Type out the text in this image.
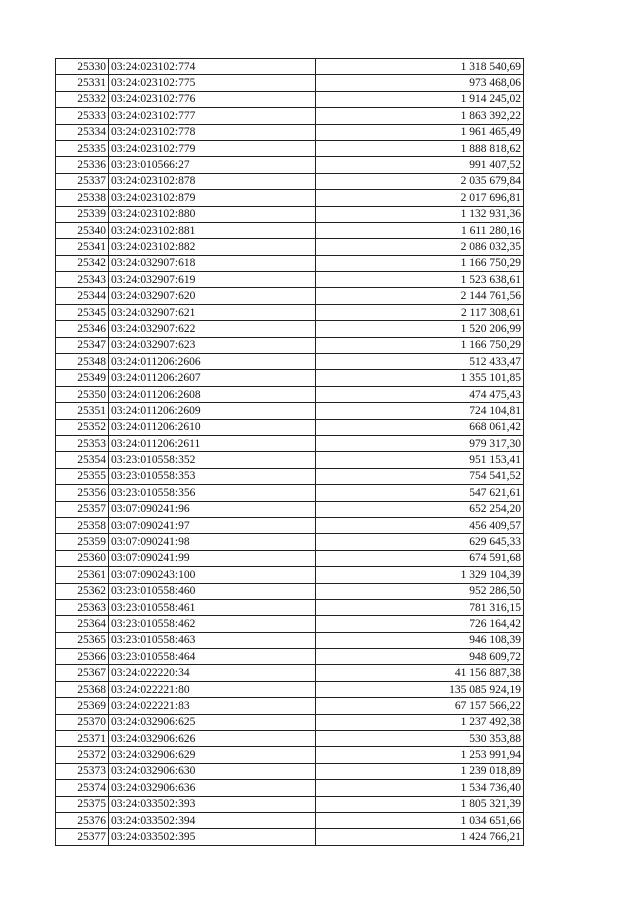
25330	03:24:023102:774	1 318 540,69
25331	03:24:023102:775	973 468,06
25332	03:24:023102:776	1 914 245,02
25333	03:24:023102:777	1 863 392,22
25334	03:24:023102:778	1 961 465,49
25335	03:24:023102:779	1 888 818,62
25336	03:23:010566:27	991 407,52
25337	03:24:023102:878	2 035 679,84
25338	03:24:023102:879	2 017 696,81
25339	03:24:023102:880	1 132 931,36
25340	03:24:023102:881	1 611 280,16
25341	03:24:023102:882	2 086 032,35
25342	03:24:032907:618	1 166 750,29
25343	03:24:032907:619	1 523 638,61
25344	03:24:032907:620	2 144 761,56
25345	03:24:032907:621	2 117 308,61
25346	03:24:032907:622	1 520 206,99
25347	03:24:032907:623	1 166 750,29
25348	03:24:011206:2606	512 433,47
25349	03:24:011206:2607	1 355 101,85
25350	03:24:011206:2608	474 475,43
25351	03:24:011206:2609	724 104,81
25352	03:24:011206:2610	668 061,42
25353	03:24:011206:2611	979 317,30
25354	03:23:010558:352	951 153,41
25355	03:23:010558:353	754 541,52
25356	03:23:010558:356	547 621,61
25357	03:07:090241:96	652 254,20
25358	03:07:090241:97	456 409,57
25359	03:07:090241:98	629 645,33
25360	03:07:090241:99	674 591,68
25361	03:07:090243:100	1 329 104,39
25362	03:23:010558:460	952 286,50
25363	03:23:010558:461	781 316,15
25364	03:23:010558:462	726 164,42
25365	03:23:010558:463	946 108,39
25366	03:23:010558:464	948 609,72
25367	03:24:022220:34	41 156 887,38
25368	03:24:022221:80	135 085 924,19
25369	03:24:022221:83	67 157 566,22
25370	03:24:032906:625	1 237 492,38
25371	03:24:032906:626	530 353,88
25372	03:24:032906:629	1 253 991,94
25373	03:24:032906:630	1 239 018,89
25374	03:24:032906:636	1 534 736,40
25375	03:24:033502:393	1 805 321,39
25376	03:24:033502:394	1 034 651,66
25377	03:24:033502:395	1 424 766,21
